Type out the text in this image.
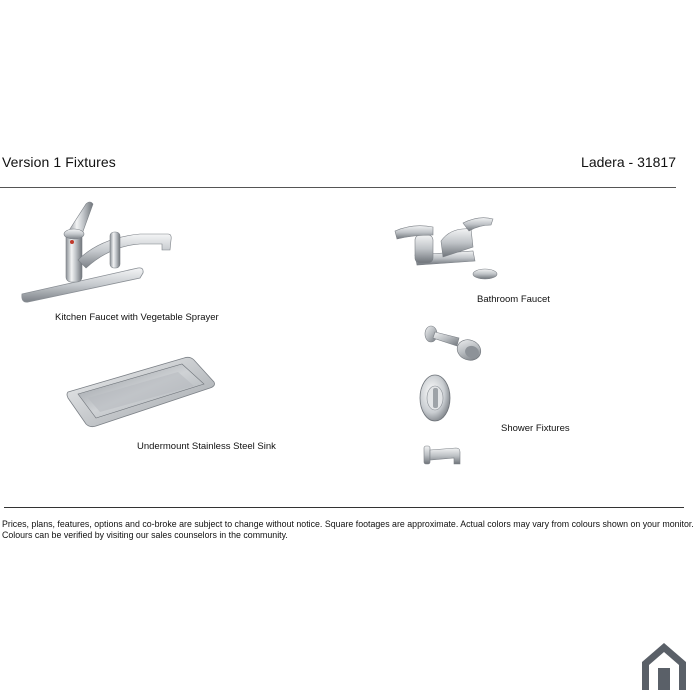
Version 1 Fixtures	Ladera - 31817
Kitchen Faucet with Vegetable Sprayer
Undermount Stainless Steel Sink
Bathroom Faucet
Shower Fixtures
Prices, plans, features, options and co-broke are subject to change without notice. Square footages are approximate. Actual colors may vary from colours shown on your monitor.
Colours can be verified by visiting our sales counselors in the community.
